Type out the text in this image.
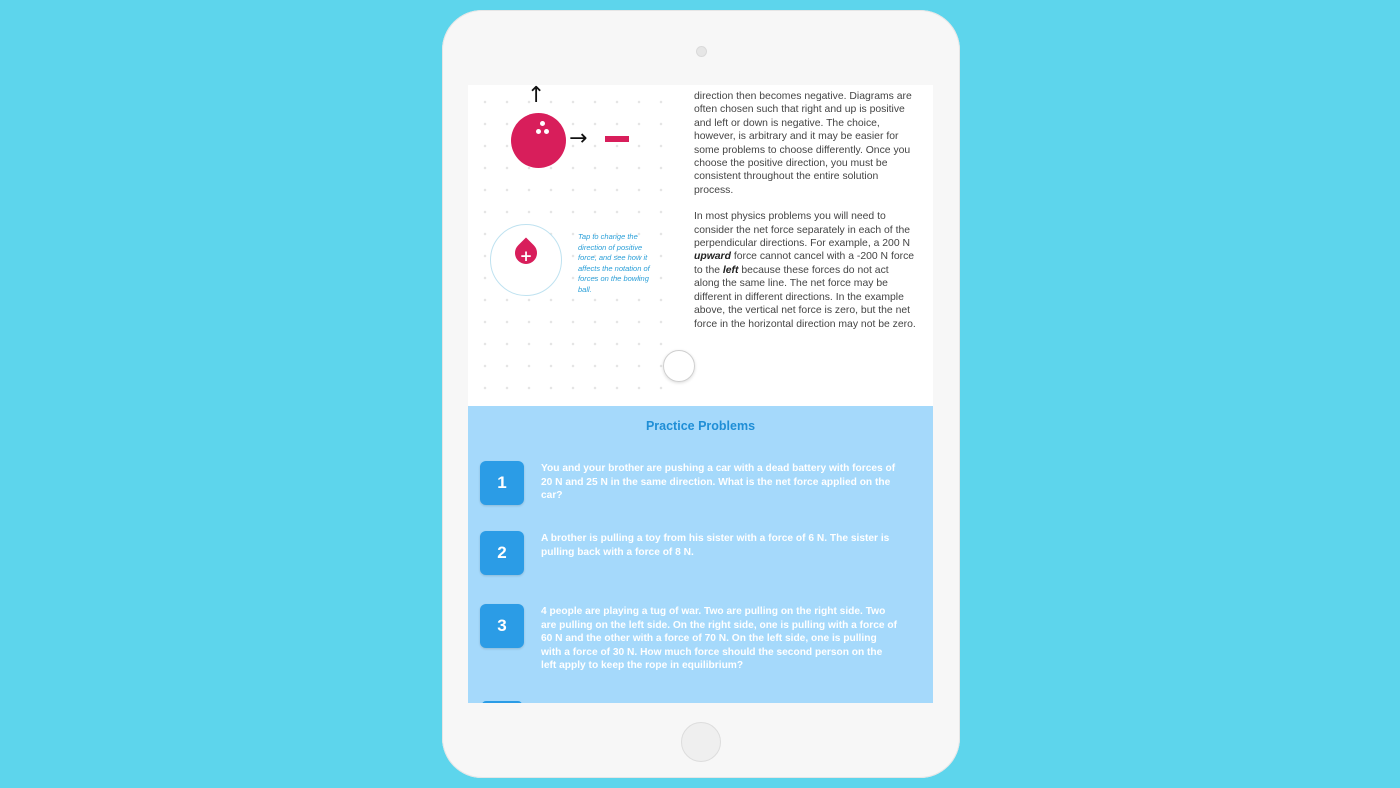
↑
→
+
Tap to change the direction of positive force, and see how it affects the notation of forces on the bowling ball.

direction then becomes negative. Diagrams are often chosen such that right and up is positive and left or down is negative. The choice, however, is arbitrary and it may be easier for some problems to choose differently. Once you choose the positive direction, you must be consistent throughout the entire solution process.

In most physics problems you will need to consider the net force separately in each of the perpendicular directions. For example, a 200 N upward force cannot cancel with a -200 N force to the left because these forces do not act along the same line. The net force may be different in different directions. In the example above, the vertical net force is zero, but the net force in the horizontal direction may not be zero.

Practice Problems
1
You and your brother are pushing a car with a dead battery with forces of 20 N and 25 N in the same direction. What is the net force applied on the car?
2
A brother is pulling a toy from his sister with a force of 6 N. The sister is pulling back with a force of 8 N.
3
4 people are playing a tug of war. Two are pulling on the right side. Two are pulling on the left side. On the right side, one is pulling with a force of 60 N and the other with a force of 70 N. On the left side, one is pulling with a force of 30 N. How much force should the second person on the left apply to keep the rope in equilibrium?
